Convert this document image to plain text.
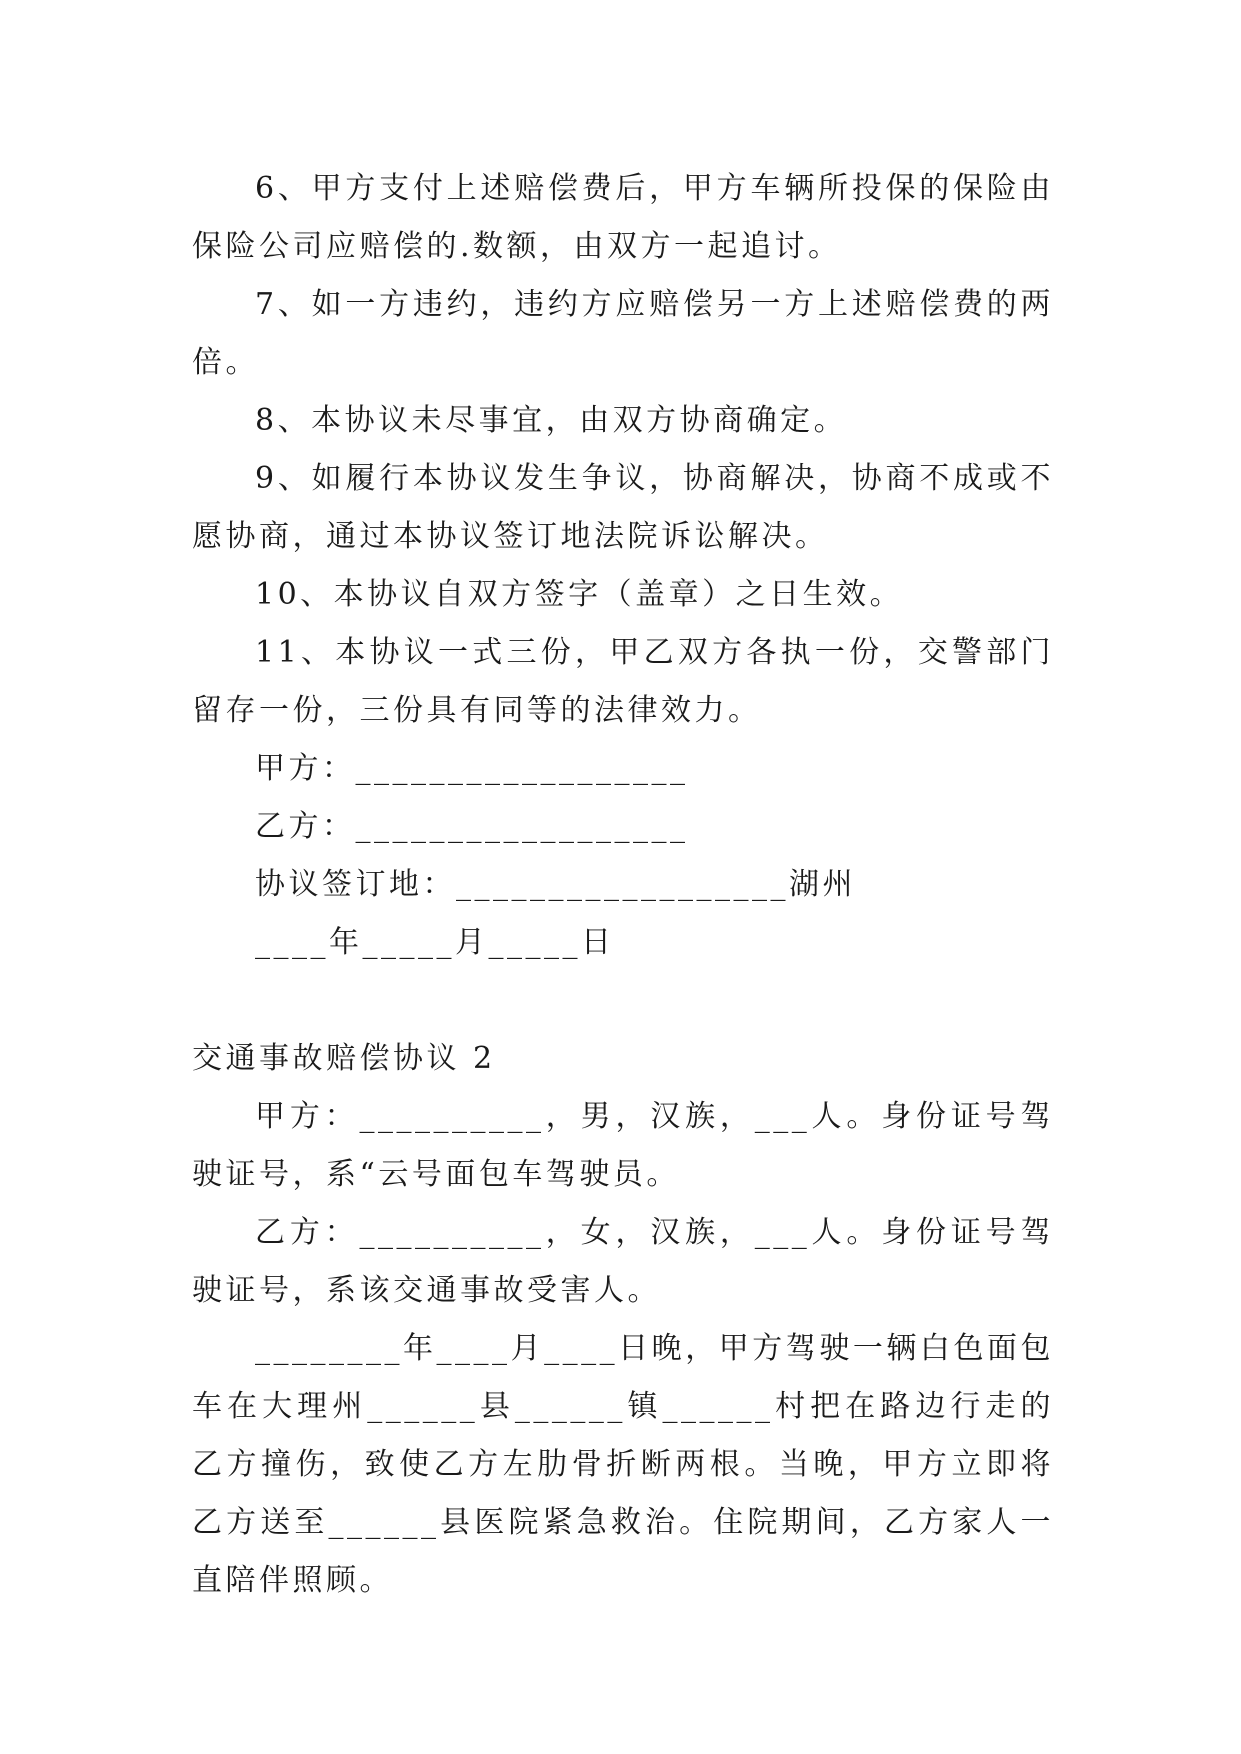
6、甲方支付上述赔偿费后，甲方车辆所投保的保险由保险公司应赔偿的.数额，由双方一起追讨。

7、如一方违约，违约方应赔偿另一方上述赔偿费的两倍。

8、本协议未尽事宜，由双方协商确定。

9、如履行本协议发生争议，协商解决，协商不成或不愿协商，通过本协议签订地法院诉讼解决。

10、本协议自双方签字（盖章）之日生效。

11、本协议一式三份，甲乙双方各执一份，交警部门留存一份，三份具有同等的法律效力。

甲方：__________________

乙方：__________________

协议签订地：__________________湖州

____年_____月_____日

交通事故赔偿协议 2

甲方：__________，男，汉族，___人。身份证号驾驶证号，系“云号面包车驾驶员。

乙方：__________，女，汉族，___人。身份证号驾驶证号，系该交通事故受害人。

________年____月____日晚，甲方驾驶一辆白色面包车在大理州______县______镇______村把在路边行走的乙方撞伤，致使乙方左肋骨折断两根。当晚，甲方立即将乙方送至______县医院紧急救治。住院期间，乙方家人一直陪伴照顾。
